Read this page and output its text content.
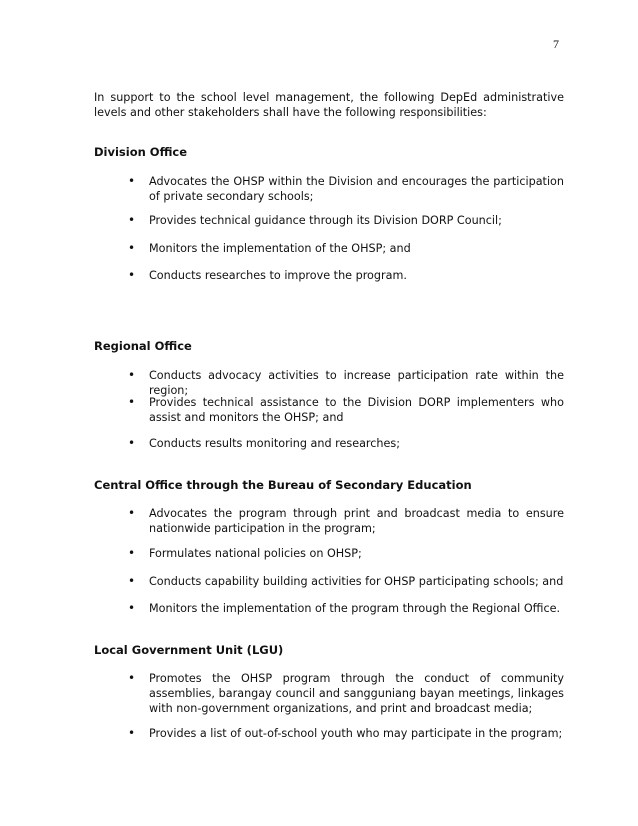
7

In support to the school level management, the following DepEd administrative levels and other stakeholders shall have the following responsibilities:

Division Office
• Advocates the OHSP within the Division and encourages the participation of private secondary schools;
• Provides technical guidance through its Division DORP Council;
• Monitors the implementation of the OHSP; and
• Conducts researches to improve the program.
Regional Office
• Conducts advocacy activities to increase participation rate within the region;
• Provides technical assistance to the Division DORP implementers who assist and monitors the OHSP; and
• Conducts results monitoring and researches;
Central Office through the Bureau of Secondary Education
• Advocates the program through print and broadcast media to ensure nationwide participation in the program;
• Formulates national policies on OHSP;
• Conducts capability building activities for OHSP participating schools; and
• Monitors the implementation of the program through the Regional Office.
Local Government Unit (LGU)
• Promotes the OHSP program through the conduct of community assemblies, barangay council and sangguniang bayan meetings, linkages with non-government organizations, and print and broadcast media;
• Provides a list of out-of-school youth who may participate in the program;
